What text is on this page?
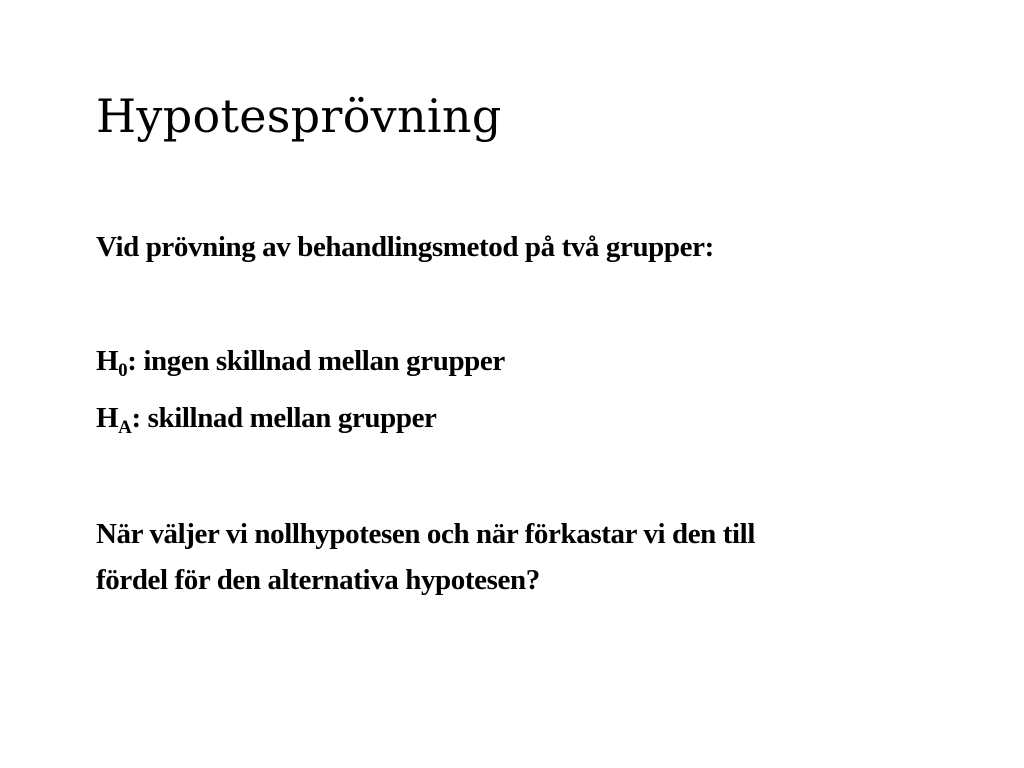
Hypotesprövning

Vid prövning av behandlingsmetod på två grupper:

$H_0$: ingen skillnad mellan grupper

$H_A$: skillnad mellan grupper

När väljer vi nollhypotesen och när förkastar vi den till
fördel för den alternativa hypotesen?
